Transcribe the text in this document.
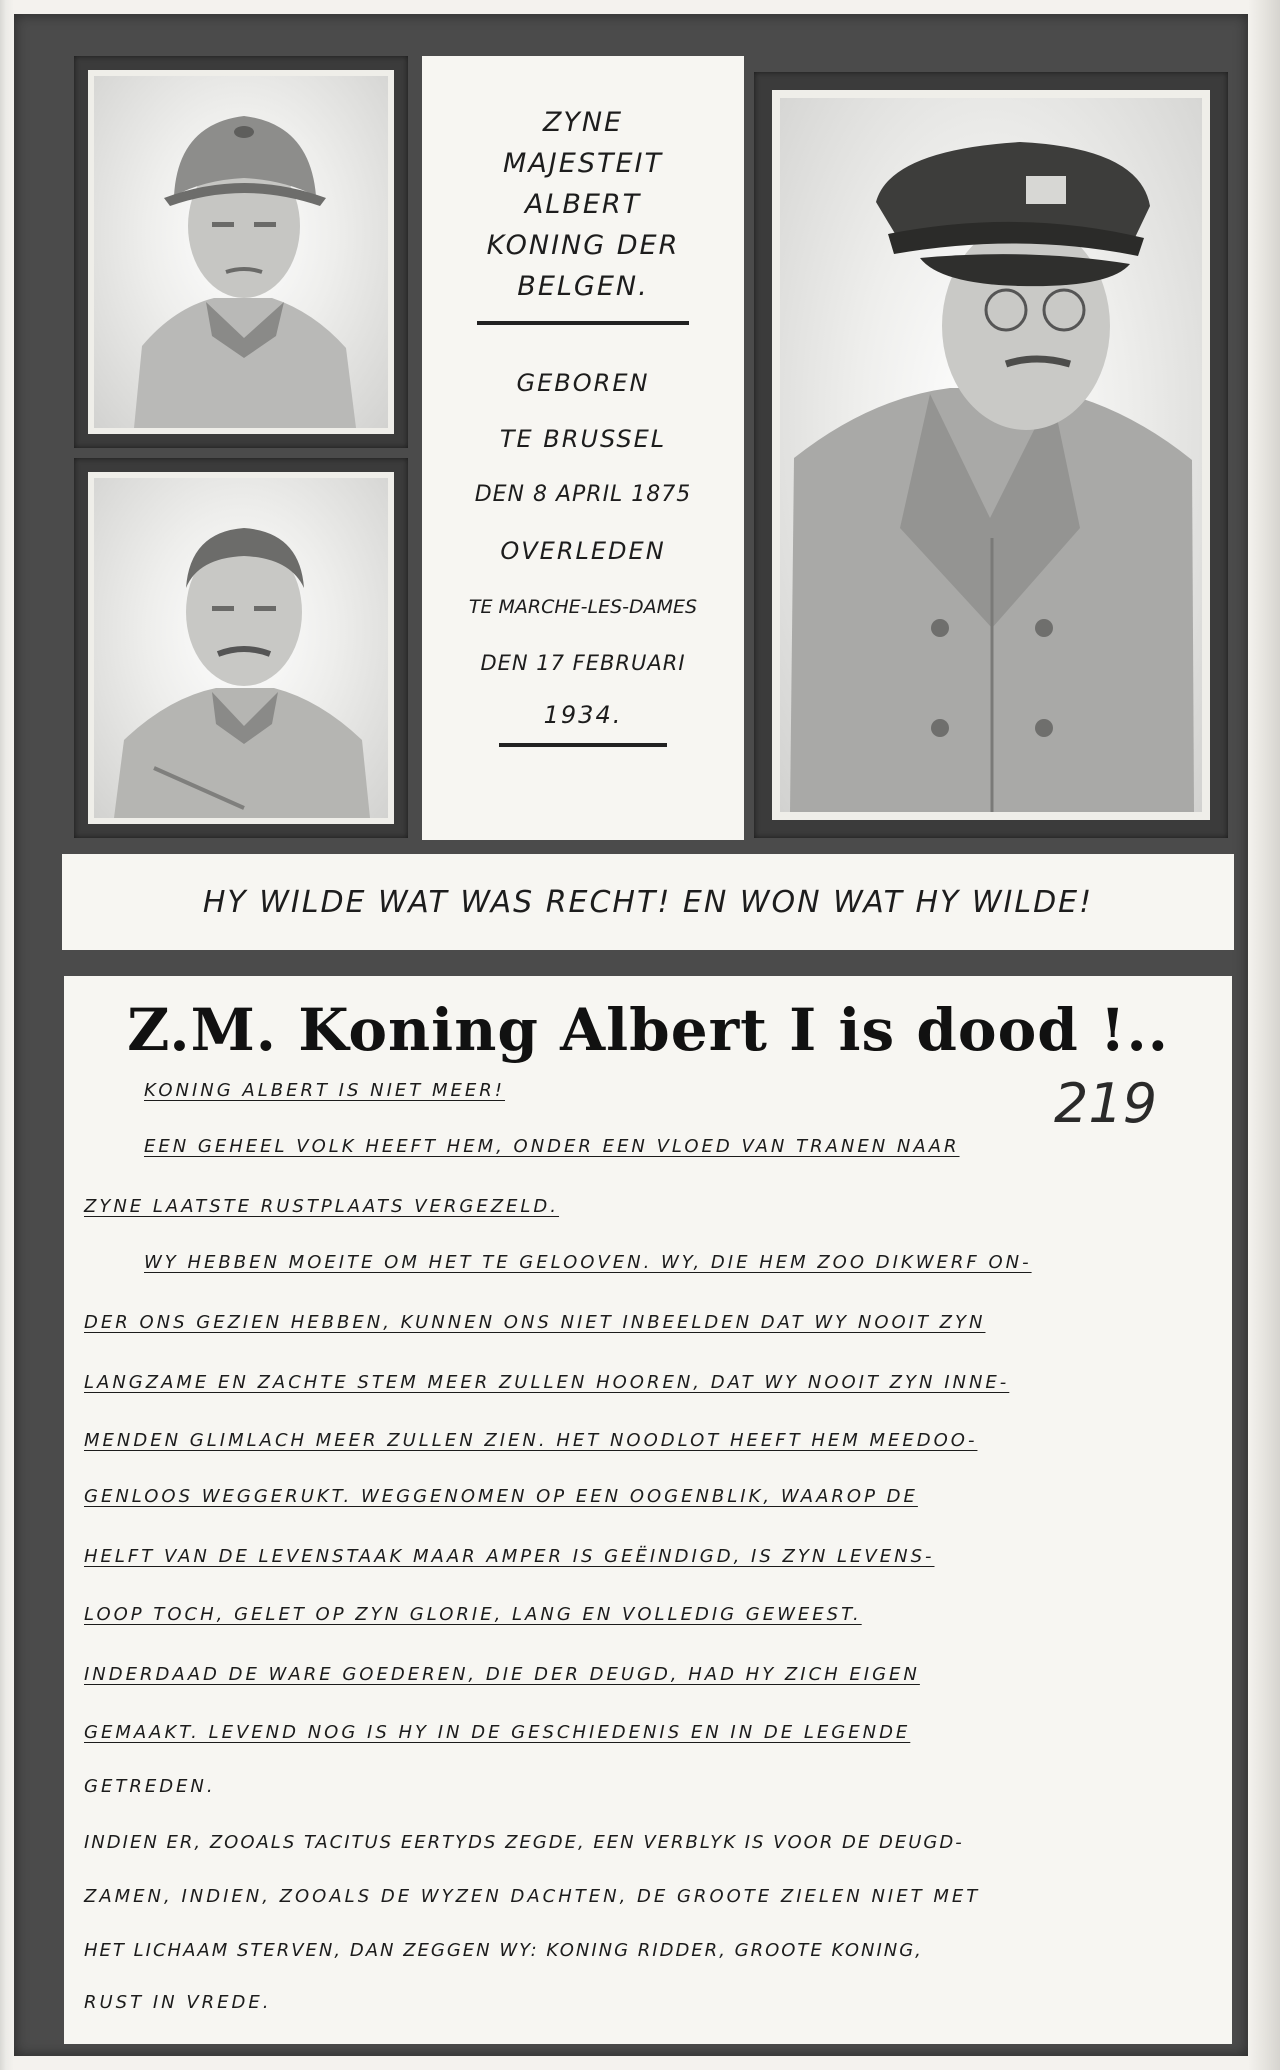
ZYNE
MAJESTEIT
ALBERT
KONING DER
BELGEN.
GEBOREN
TE BRUSSEL
DEN 8 APRIL 1875
OVERLEDEN
TE MARCHE-LES-DAMES
DEN 17 FEBRUARI
1934.
HY WILDE WAT WAS RECHT! EN WON WAT HY WILDE!
Z.M. Koning Albert I is dood !..
219
KONING ALBERT IS NIET MEER!
EEN GEHEEL VOLK HEEFT HEM, ONDER EEN VLOED VAN TRANEN NAAR
ZYNE LAATSTE RUSTPLAATS VERGEZELD.
WY HEBBEN MOEITE OM HET TE GELOOVEN. WY, DIE HEM ZOO DIKWERF ON-
DER ONS GEZIEN HEBBEN, KUNNEN ONS NIET INBEELDEN DAT WY NOOIT ZYN
LANGZAME EN ZACHTE STEM MEER ZULLEN HOOREN, DAT WY NOOIT ZYN INNE-
MENDEN GLIMLACH MEER ZULLEN ZIEN. HET NOODLOT HEEFT HEM MEEDOO-
GENLOOS WEGGERUKT. WEGGENOMEN OP EEN OOGENBLIK, WAAROP DE
HELFT VAN DE LEVENSTAAK MAAR AMPER IS GEËINDIGD, IS ZYN LEVENS-
LOOP TOCH, GELET OP ZYN GLORIE, LANG EN VOLLEDIG GEWEEST.
INDERDAAD DE WARE GOEDEREN, DIE DER DEUGD, HAD HY ZICH EIGEN
GEMAAKT. LEVEND NOG IS HY IN DE GESCHIEDENIS EN IN DE LEGENDE
GETREDEN.
INDIEN ER, ZOOALS TACITUS EERTYDS ZEGDE, EEN VERBLYK IS VOOR DE DEUGD-
ZAMEN, INDIEN, ZOOALS DE WYZEN DACHTEN, DE GROOTE ZIELEN NIET MET
HET LICHAAM STERVEN, DAN ZEGGEN WY: KONING RIDDER, GROOTE KONING,
RUST IN VREDE.
